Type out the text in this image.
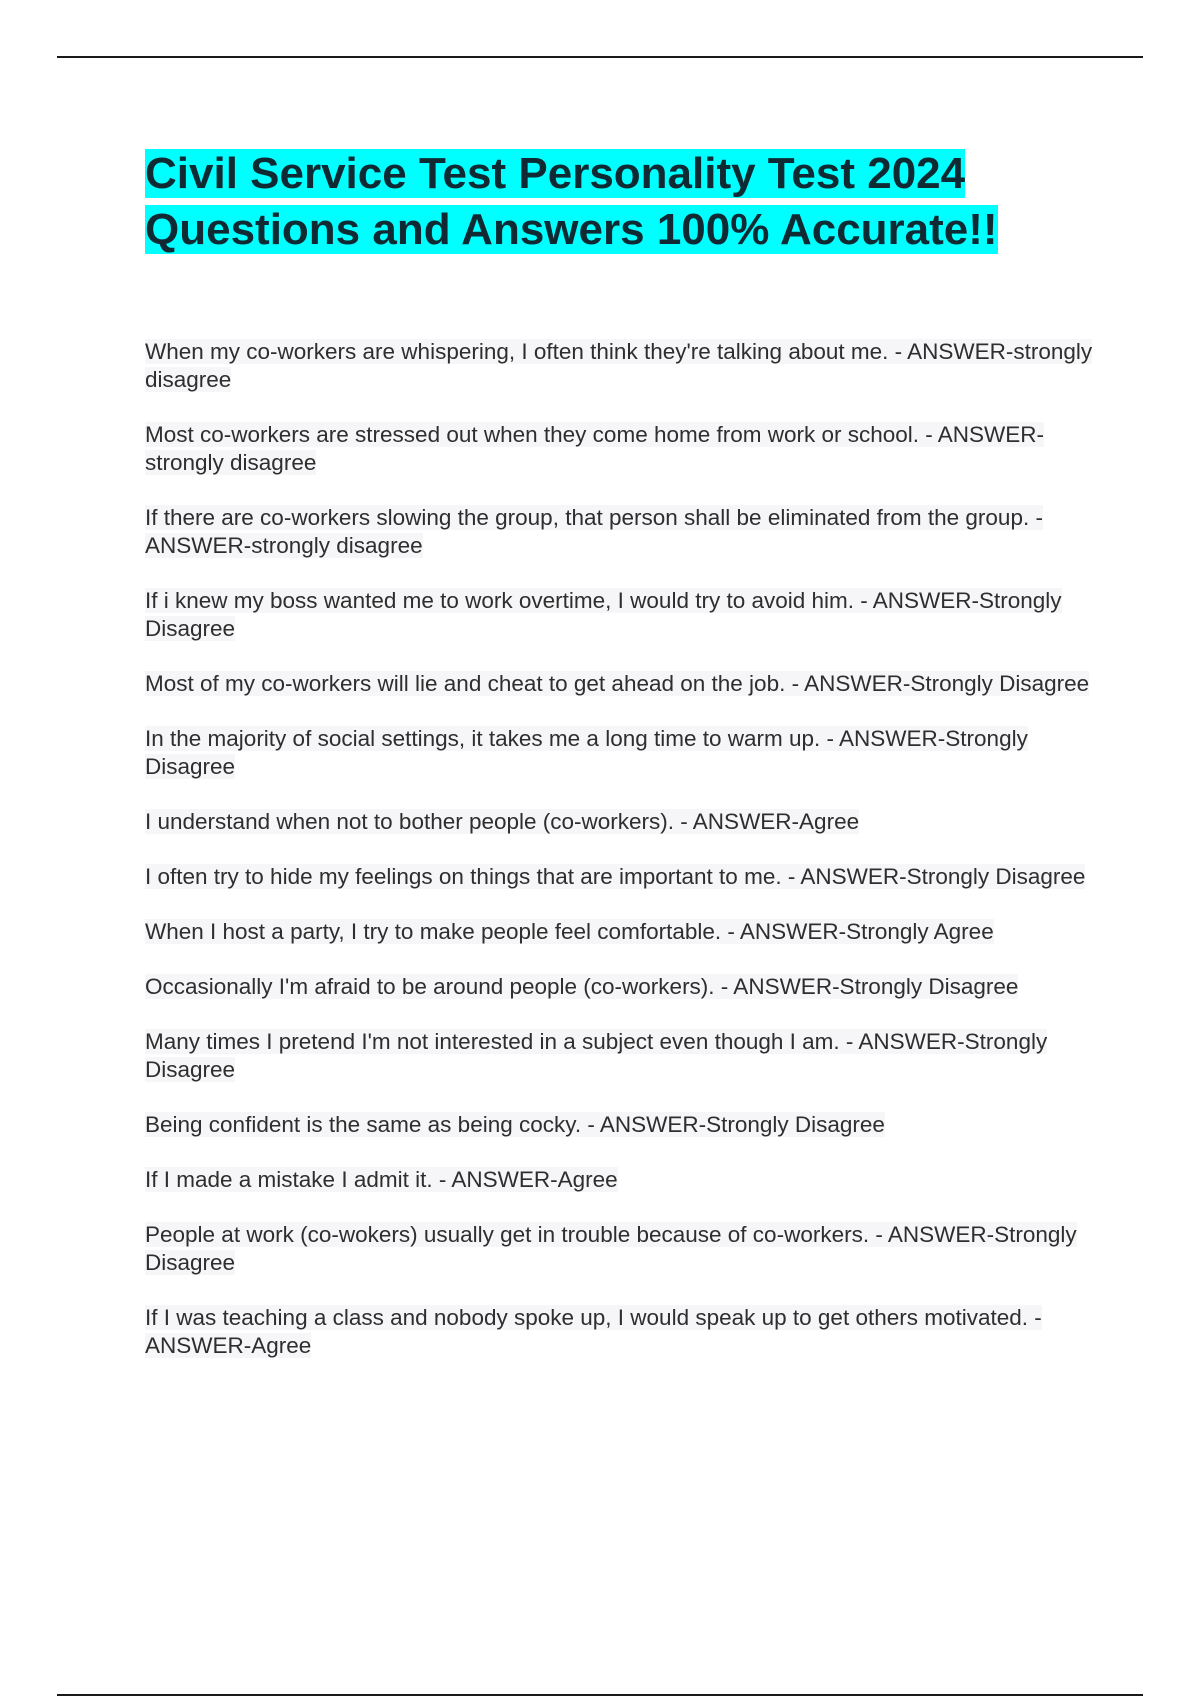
Civil Service Test Personality Test 2024 Questions and Answers 100% Accurate!!
When my co-workers are whispering, I often think they're talking about me. - ANSWER-strongly disagree
Most co-workers are stressed out when they come home from work or school. - ANSWER-strongly disagree
If there are co-workers slowing the group, that person shall be eliminated from the group. - ANSWER-strongly disagree
If i knew my boss wanted me to work overtime, I would try to avoid him. - ANSWER-Strongly Disagree
Most of my co-workers will lie and cheat to get ahead on the job. - ANSWER-Strongly Disagree
In the majority of social settings, it takes me a long time to warm up. - ANSWER-Strongly Disagree
I understand when not to bother people (co-workers). - ANSWER-Agree
I often try to hide my feelings on things that are important to me. - ANSWER-Strongly Disagree
When I host a party, I try to make people feel comfortable. - ANSWER-Strongly Agree
Occasionally I'm afraid to be around people (co-workers). - ANSWER-Strongly Disagree
Many times I pretend I'm not interested in a subject even though I am. - ANSWER-Strongly Disagree
Being confident is the same as being cocky. - ANSWER-Strongly Disagree
If I made a mistake I admit it. - ANSWER-Agree
People at work (co-wokers) usually get in trouble because of co-workers. - ANSWER-Strongly Disagree
If I was teaching a class and nobody spoke up, I would speak up to get others motivated. - ANSWER-Agree
